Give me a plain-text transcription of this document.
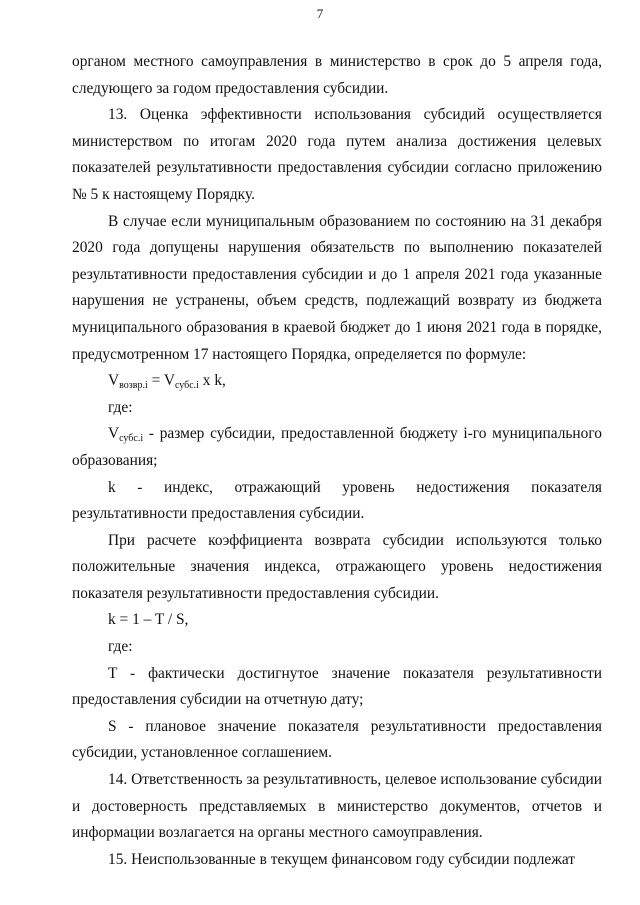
7

органом местного самоуправления в министерство в срок до 5 апреля года, следующего за годом предоставления субсидии.

13. Оценка эффективности использования субсидий осуществляется министерством по итогам 2020 года путем анализа достижения целевых показателей результативности предоставления субсидии согласно приложению № 5 к настоящему Порядку.

В случае если муниципальным образованием по состоянию на 31 декабря 2020 года допущены нарушения обязательств по выполнению показателей результативности предоставления субсидии и до 1 апреля 2021 года указанные нарушения не устранены, объем средств, подлежащий возврату из бюджета муниципального образования в краевой бюджет до 1 июня 2021 года в порядке, предусмотренном 17 настоящего Порядка, определяется по формуле:

$V_{возвр.i} = V_{субс.i}$ x k,

где:

$V_{субс.i}$ - размер субсидии, предоставленной бюджету i-го муниципального образования;

k - индекс, отражающий уровень недостижения показателя результативности предоставления субсидии.

При расчете коэффициента возврата субсидии используются только положительные значения индекса, отражающего уровень недостижения показателя результативности предоставления субсидии.

k = 1 – T / S,

где:

T - фактически достигнутое значение показателя результативности предоставления субсидии на отчетную дату;

S - плановое значение показателя результативности предоставления субсидии, установленное соглашением.

14. Ответственность за результативность, целевое использование субсидии и достоверность представляемых в министерство документов, отчетов и информации возлагается на органы местного самоуправления.

15. Неиспользованные в текущем финансовом году субсидии подлежат
